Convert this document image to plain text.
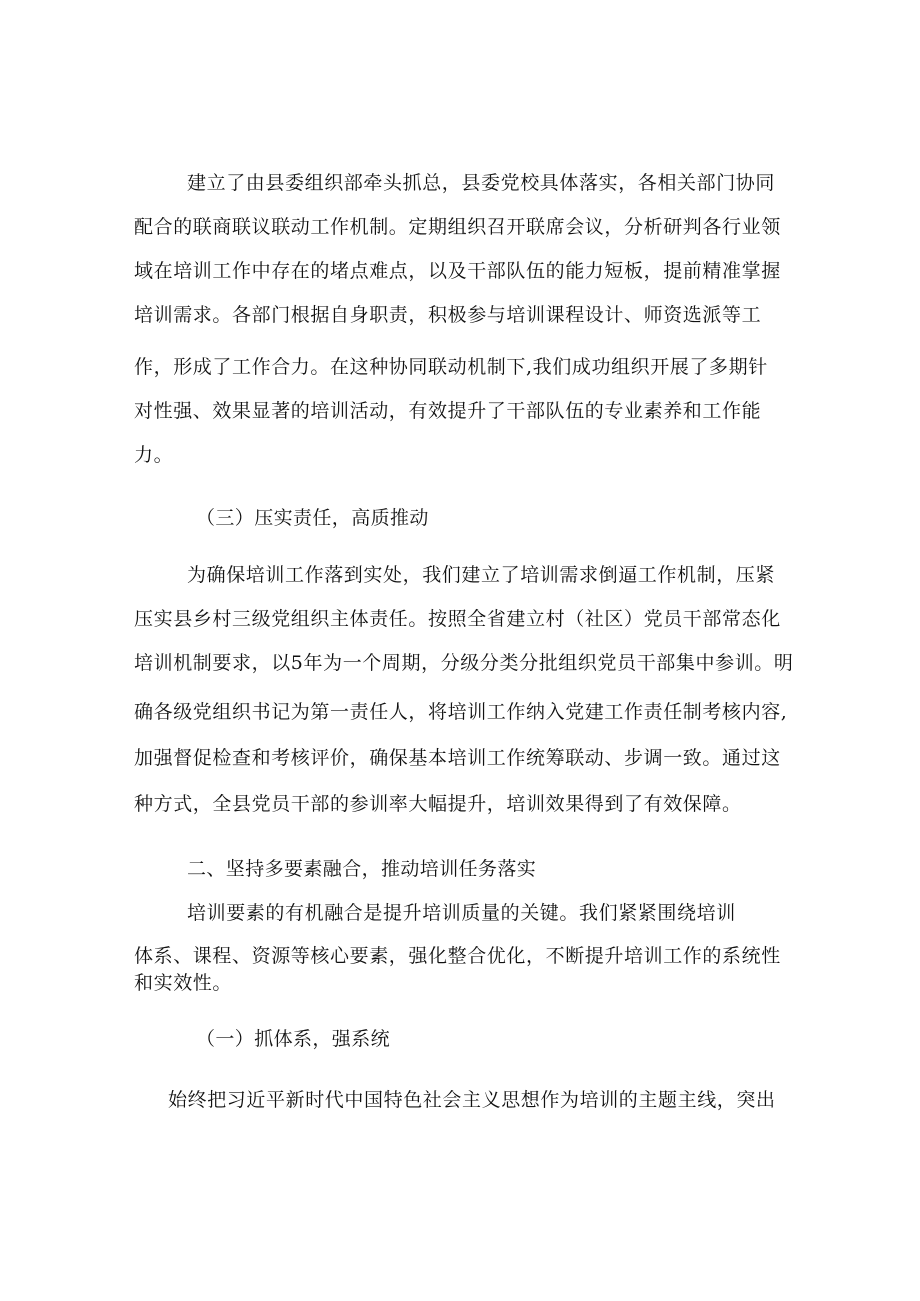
建立了由县委组织部牵头抓总，县委党校具体落实，各相关部门协同
配合的联商联议联动工作机制。定期组织召开联席会议，分析研判各行业领
域在培训工作中存在的堵点难点，以及干部队伍的能力短板，提前精准掌握
培训需求。各部门根据自身职责，积极参与培训课程设计、师资选派等工
作，形成了工作合力。在这种协同联动机制下,我们成功组织开展了多期针
对性强、效果显著的培训活动，有效提升了干部队伍的专业素养和工作能
力。
（三）压实责任，高质推动
为确保培训工作落到实处，我们建立了培训需求倒逼工作机制，压紧
压实县乡村三级党组织主体责任。按照全省建立村（社区）党员干部常态化
培训机制要求，以5年为一个周期，分级分类分批组织党员干部集中参训。明
确各级党组织书记为第一责任人，将培训工作纳入党建工作责任制考核内容,
加强督促检查和考核评价，确保基本培训工作统筹联动、步调一致。通过这
种方式，全县党员干部的参训率大幅提升，培训效果得到了有效保障。
二、坚持多要素融合，推动培训任务落实
培训要素的有机融合是提升培训质量的关键。我们紧紧围绕培训
体系、课程、资源等核心要素，强化整合优化，不断提升培训工作的系统性
和实效性。
（一）抓体系，强系统
始终把习近平新时代中国特色社会主义思想作为培训的主题主线，突出
